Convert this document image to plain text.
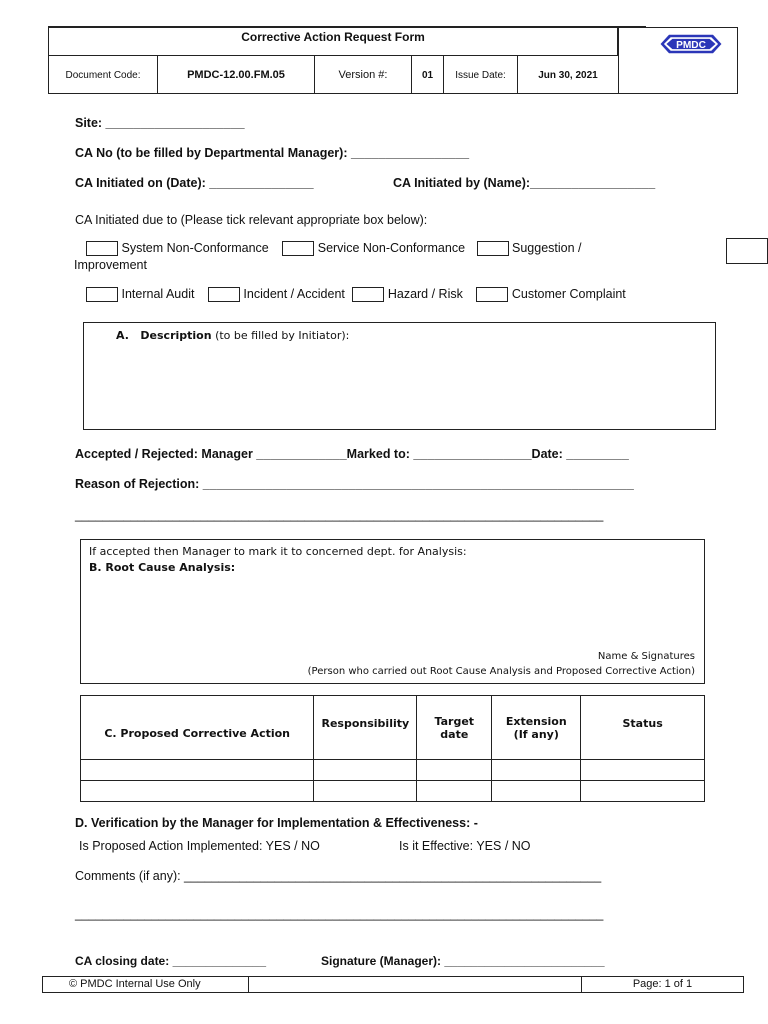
Corrective Action Request Form
Document Code:	PMDC-12.00.FM.05	Version #:	01	Issue Date:	Jun 30, 2021
PMDC
Site: ____________________
CA No (to be filled by Departmental Manager): _________________
CA Initiated on (Date): _______________	CA Initiated by (Name):__________________
CA Initiated due to (Please tick relevant appropriate box below):
System Non-Conformance	Service Non-Conformance	Suggestion /
Improvement
Internal Audit	Incident / Accident	Hazard / Risk	Customer Complaint
A. Description (to be filled by Initiator):
Accepted / Rejected: Manager _____________Marked to: _________________Date: _________
Reason of Rejection: ______________________________________________________________
____________________________________________________________________________
If accepted then Manager to mark it to concerned dept. for Analysis:
B. Root Cause Analysis:
Name & Signatures
(Person who carried out Root Cause Analysis and Proposed Corrective Action)
C. Proposed Corrective Action	Responsibility	Target date	Extension (If any)	Status

D. Verification by the Manager for Implementation & Effectiveness: -
Is Proposed Action Implemented: YES / NO	Is it Effective: YES / NO
Comments (if any): ____________________________________________________________
____________________________________________________________________________
CA closing date: ______________	Signature (Manager): ________________________
© PMDC Internal Use Only	Page: 1 of 1
